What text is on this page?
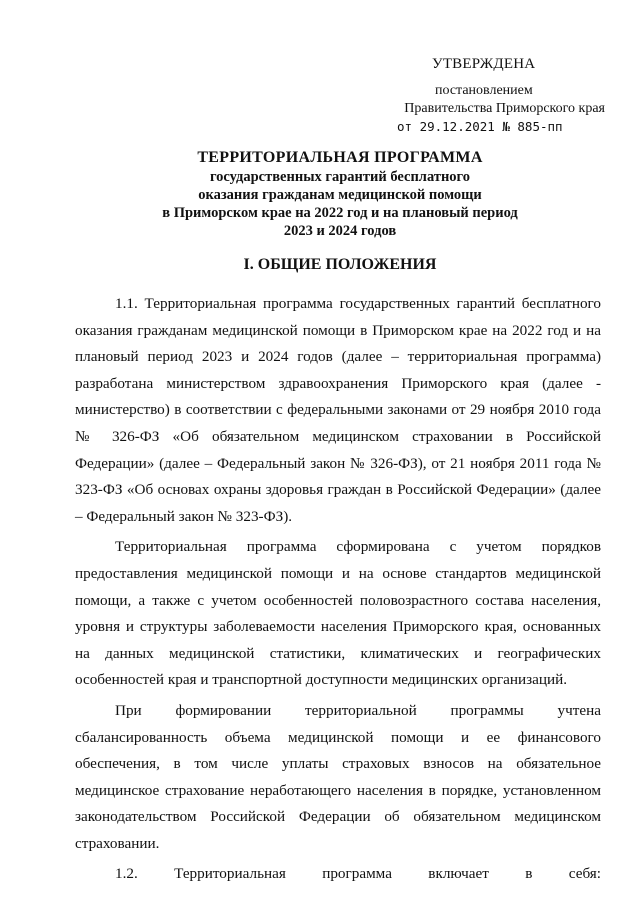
УТВЕРЖДЕНА
постановлением
Правительства Приморского края
от 29.12.2021 № 885-пп
ТЕРРИТОРИАЛЬНАЯ ПРОГРАММА
государственных гарантий бесплатного
оказания гражданам медицинской помощи
в Приморском крае на 2022 год и на плановый период
2023 и 2024 годов
I. ОБЩИЕ ПОЛОЖЕНИЯ

1.1. Территориальная программа государственных гарантий бесплатного оказания гражданам медицинской помощи в Приморском крае на 2022 год и на плановый период 2023 и 2024 годов (далее – территориальная программа) разработана министерством здравоохранения Приморского края (далее - министерство) в соответствии с федеральными законами от 29 ноября 2010 года № 326-ФЗ «Об обязательном медицинском страховании в Российской Федерации» (далее – Федеральный закон № 326-ФЗ), от 21 ноября 2011 года № 323-ФЗ «Об основах охраны здоровья граждан в Российской Федерации» (далее – Федеральный закон № 323-ФЗ).

Территориальная программа сформирована с учетом порядков предоставления медицинской помощи и на основе стандартов медицинской помощи, а также с учетом особенностей половозрастного состава населения, уровня и структуры заболеваемости населения Приморского края, основанных на данных медицинской статистики, климатических и географических особенностей края и транспортной доступности медицинских организаций.

При формировании территориальной программы учтена сбалансированность объема медицинской помощи и ее финансового обеспечения, в том числе уплаты страховых взносов на обязательное медицинское страхование неработающего населения в порядке, установленном законодательством Российской Федерации об обязательном медицинском страховании.

1.2. Территориальная программа включает в себя:
